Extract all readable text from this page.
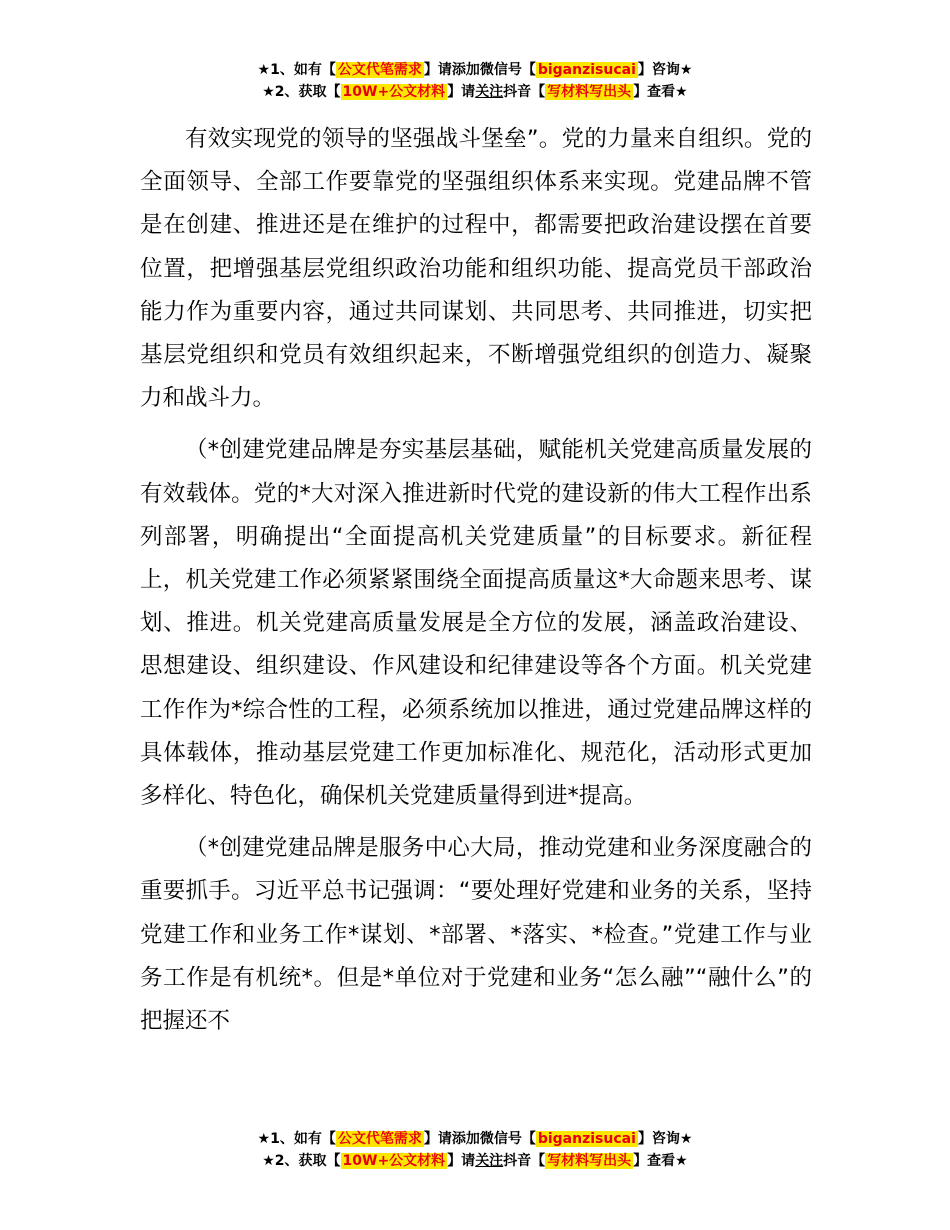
★1、如有【 公文代笔需求 】请添加微信号【 biganzisucai 】咨询★
★2、获取【 10W+公文材料 】请关注抖音【 写材料写出头 】查看★

有效实现党的领导的坚强战斗堡垒”。党的力量来自组织。党的全面领导、全部工作要靠党的坚强组织体系来实现。党建品牌不管是在创建、推进还是在维护的过程中，都需要把政治建设摆在首要位置，把增强基层党组织政治功能和组织功能、提高党员干部政治能力作为重要内容，通过共同谋划、共同思考、共同推进，切实把基层党组织和党员有效组织起来，不断增强党组织的创造力、凝聚力和战斗力。

（*创建党建品牌是夯实基层基础，赋能机关党建高质量发展的有效载体。党的*大对深入推进新时代党的建设新的伟大工程作出系列部署，明确提出“全面提高机关党建质量”的目标要求。新征程上，机关党建工作必须紧紧围绕全面提高质量这*大命题来思考、谋划、推进。机关党建高质量发展是全方位的发展，涵盖政治建设、思想建设、组织建设、作风建设和纪律建设等各个方面。机关党建工作作为*综合性的工程，必须系统加以推进，通过党建品牌这样的具体载体，推动基层党建工作更加标准化、规范化，活动形式更加多样化、特色化，确保机关党建质量得到进*提高。

（*创建党建品牌是服务中心大局，推动党建和业务深度融合的重要抓手。习近平总书记强调：“要处理好党建和业务的关系，坚持党建工作和业务工作*谋划、*部署、*落实、*检查。”党建工作与业务工作是有机统*。但是*单位对于党建和业务“怎么融”“融什么”的把握还不

★1、如有【 公文代笔需求 】请添加微信号【 biganzisucai 】咨询★
★2、获取【 10W+公文材料 】请关注抖音【 写材料写出头 】查看★
